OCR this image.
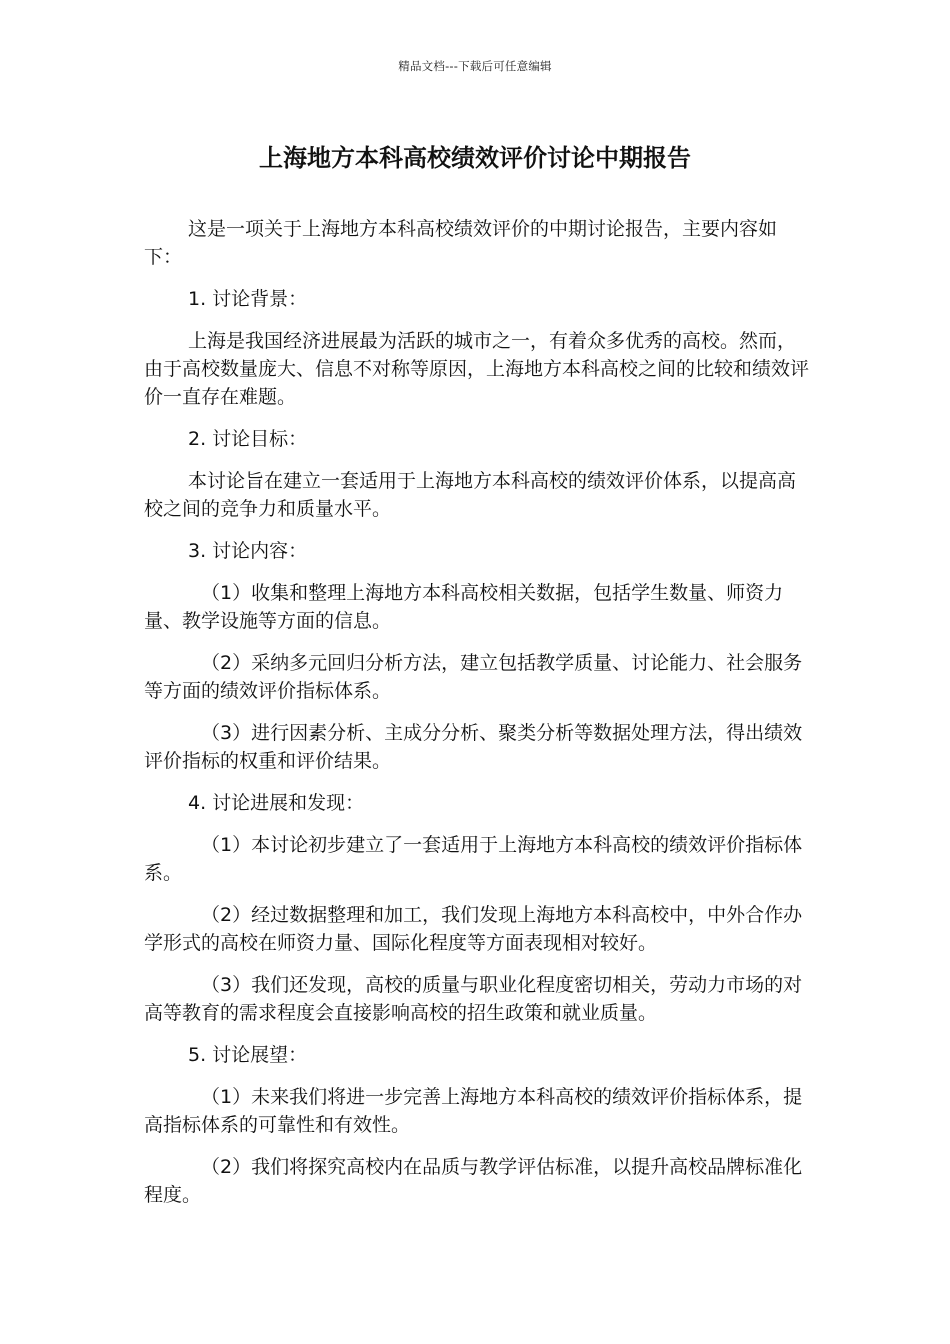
精品文档---下载后可任意编辑
上海地方本科高校绩效评价讨论中期报告

这是一项关于上海地方本科高校绩效评价的中期讨论报告，主要内容如下：

1. 讨论背景：

上海是我国经济进展最为活跃的城市之一，有着众多优秀的高校。然而，由于高校数量庞大、信息不对称等原因，上海地方本科高校之间的比较和绩效评价一直存在难题。

2. 讨论目标：

本讨论旨在建立一套适用于上海地方本科高校的绩效评价体系，以提高高校之间的竞争力和质量水平。

3. 讨论内容：

（1）收集和整理上海地方本科高校相关数据，包括学生数量、师资力量、教学设施等方面的信息。

（2）采纳多元回归分析方法，建立包括教学质量、讨论能力、社会服务等方面的绩效评价指标体系。

（3）进行因素分析、主成分分析、聚类分析等数据处理方法，得出绩效评价指标的权重和评价结果。

4. 讨论进展和发现：

（1）本讨论初步建立了一套适用于上海地方本科高校的绩效评价指标体系。

（2）经过数据整理和加工，我们发现上海地方本科高校中，中外合作办学形式的高校在师资力量、国际化程度等方面表现相对较好。

（3）我们还发现，高校的质量与职业化程度密切相关，劳动力市场的对高等教育的需求程度会直接影响高校的招生政策和就业质量。

5. 讨论展望：

（1）未来我们将进一步完善上海地方本科高校的绩效评价指标体系，提高指标体系的可靠性和有效性。

（2）我们将探究高校内在品质与教学评估标准，以提升高校品牌标准化程度。
